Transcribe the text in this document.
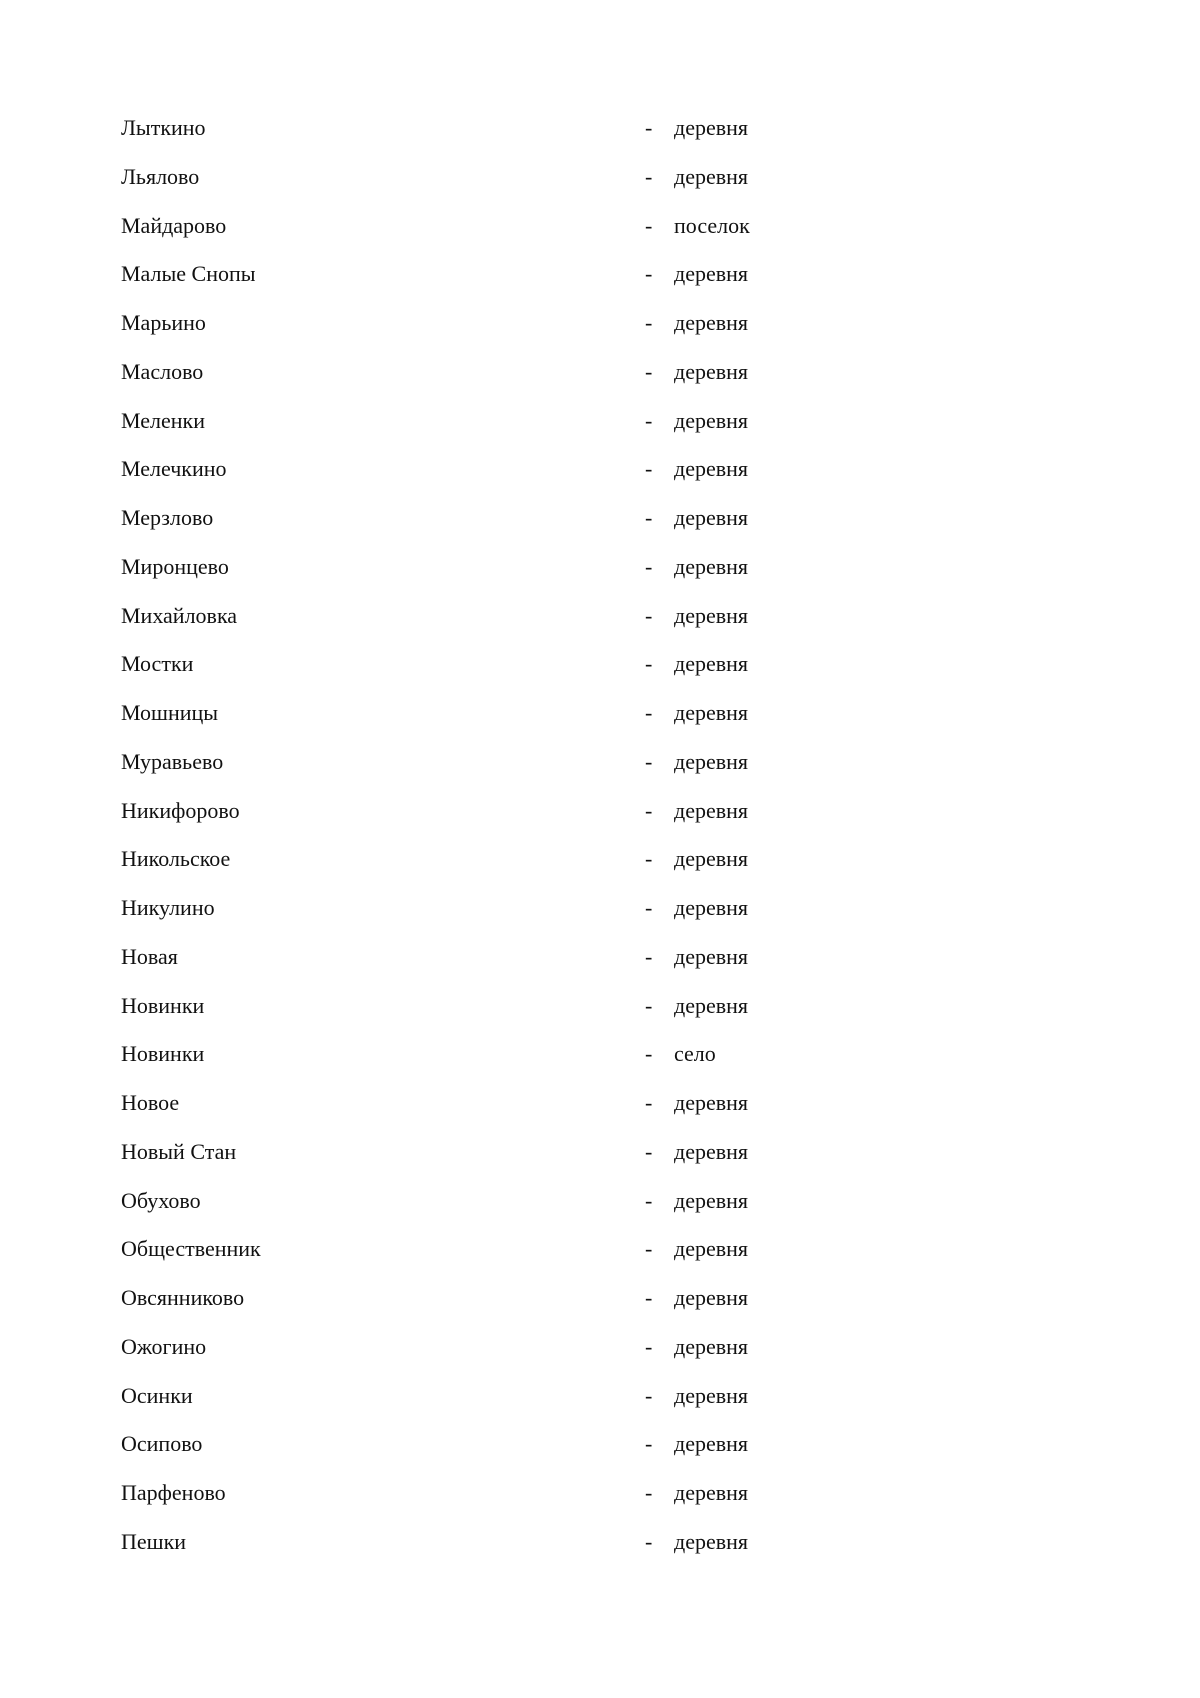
Лыткино	- деревня
Льялово	- деревня
Майдарово	- поселок
Малые Снопы	- деревня
Марьино	- деревня
Маслово	- деревня
Меленки	- деревня
Мелечкино	- деревня
Мерзлово	- деревня
Миронцево	- деревня
Михайловка	- деревня
Мостки	- деревня
Мошницы	- деревня
Муравьево	- деревня
Никифорово	- деревня
Никольское	- деревня
Никулино	- деревня
Новая	- деревня
Новинки	- деревня
Новинки	- село
Новое	- деревня
Новый Стан	- деревня
Обухово	- деревня
Общественник	- деревня
Овсянниково	- деревня
Ожогино	- деревня
Осинки	- деревня
Осипово	- деревня
Парфеново	- деревня
Пешки	- деревня
